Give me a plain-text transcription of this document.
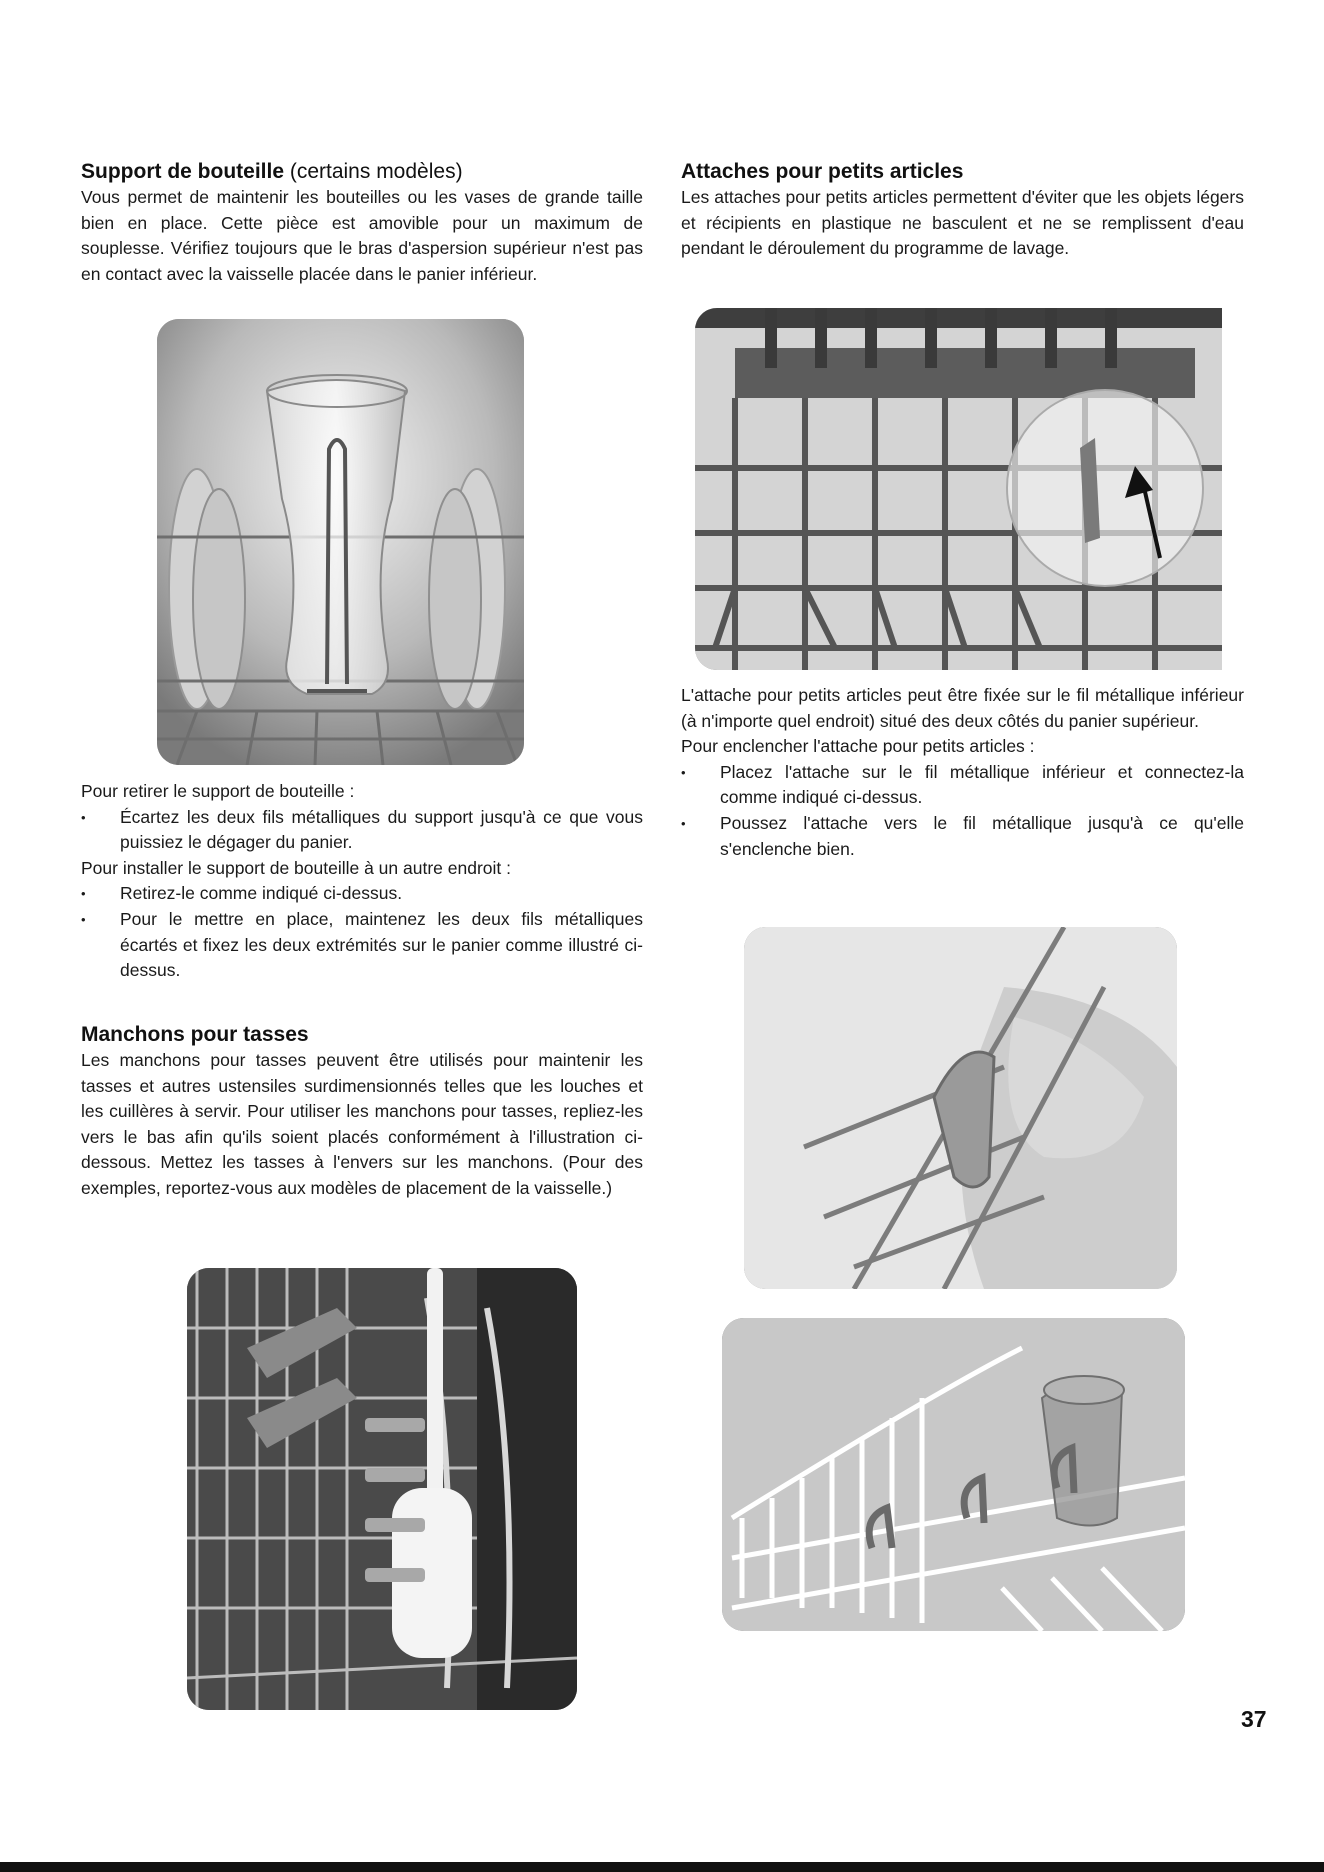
Support de bouteille (certains modèles)

Vous permet de maintenir les bouteilles ou les vases de grande taille bien en place. Cette pièce est amovible pour un maximum de souplesse. Vérifiez toujours que le bras d'aspersion supérieur n'est pas en contact avec la vaisselle placée dans le panier inférieur.

Pour retirer le support de bouteille :
• Écartez les deux fils métalliques du support jusqu'à ce que vous puissiez le dégager du panier.
Pour installer le support de bouteille à un autre endroit :
• Retirez-le comme indiqué ci-dessus.
• Pour le mettre en place, maintenez les deux fils métalliques écartés et fixez les deux extrémités sur le panier comme illustré ci-dessus.
Manchons pour tasses

Les manchons pour tasses peuvent être utilisés pour maintenir les tasses et autres ustensiles surdimensionnés telles que les louches et les cuillères à servir. Pour utiliser les manchons pour tasses, repliez-les vers le bas afin qu'ils soient placés conformément à l'illustration ci-dessous. Mettez les tasses à l'envers sur les manchons. (Pour des exemples, reportez-vous aux modèles de placement de la vaisselle.)

Attaches pour petits articles

Les attaches pour petits articles permettent d'éviter que les objets légers et récipients en plastique ne basculent et ne se remplissent d'eau pendant le déroulement du programme de lavage.

L'attache pour petits articles peut être fixée sur le fil métallique inférieur (à n'importe quel endroit) situé des deux côtés du panier supérieur.

Pour enclencher l'attache pour petits articles :
• Placez l'attache sur le fil métallique inférieur et connectez-la comme indiqué ci-dessus.
• Poussez l'attache vers le fil métallique jusqu'à ce qu'elle s'enclenche bien.
37
